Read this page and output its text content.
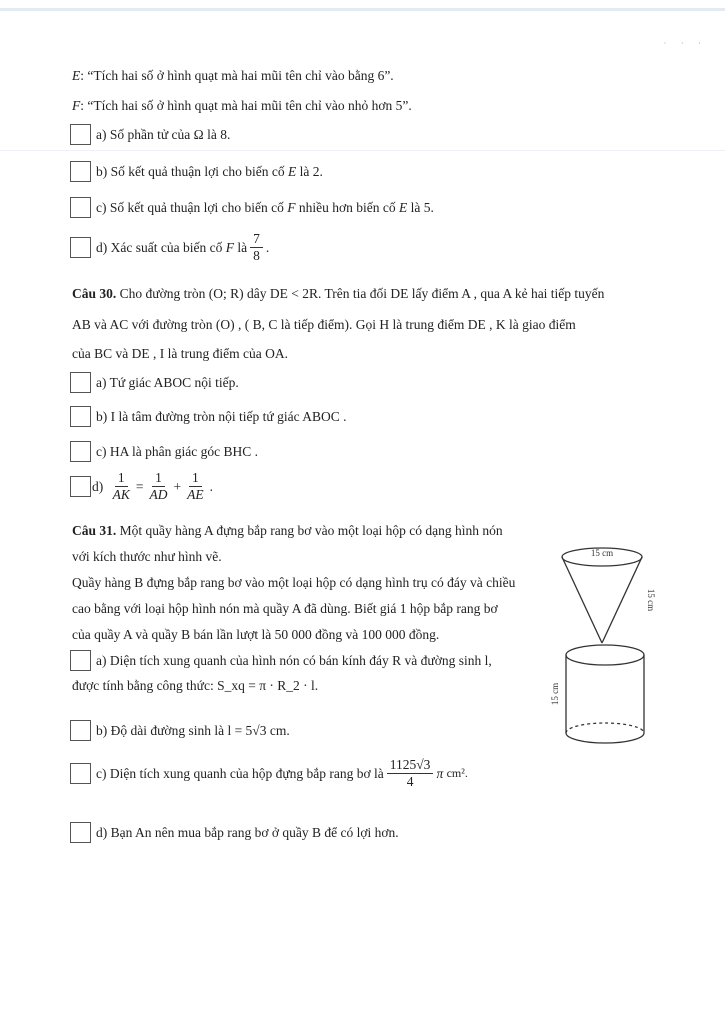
· · ·
E: “Tích hai số ở hình quạt mà hai mũi tên chỉ vào bằng 6”.
F: “Tích hai số ở hình quạt mà hai mũi tên chỉ vào nhỏ hơn 5”.
a) Số phần tử của Ω là 8.
b) Số kết quả thuận lợi cho biến cố
E
là 2.
c) Số kết quả thuận lợi cho biến cố
F
nhiều hơn biến cố
E
là 5.
d) Xác suất của biến cố
F
là $\frac{7}{8}$ .
Câu 30. Cho đường tròn (O; R) dây DE < 2R. Trên tia đối DE lấy điểm A , qua A kẻ hai tiếp tuyến
AB và AC với đường tròn (O) , ( B, C là tiếp điểm). Gọi H là trung điểm DE , K là giao điểm
của BC và DE , I là trung điểm của OA.
a) Tứ giác ABOC nội tiếp.
b) I là tâm đường tròn nội tiếp tứ giác ABOC .
c) HA là phân giác góc BHC .
d)
$\frac{1}{AK} = \frac{1}{AD} + \frac{1}{AE}$ .
Câu 31. Một quầy hàng A đựng bắp rang bơ vào một loại hộp có dạng hình nón
với kích thước như hình vẽ.
Quầy hàng B đựng bắp rang bơ vào một loại hộp có dạng hình trụ có đáy và chiều
cao bằng với loại hộp hình nón mà quầy A đã dùng. Biết giá 1 hộp bắp rang bơ
của quầy A và quầy B bán lần lượt là 50 000 đồng và 100 000 đồng.
a) Diện tích xung quanh của hình nón có bán kính đáy R và đường sinh l,
được tính bằng công thức: S_xq = π · R_2 · l.
b) Độ dài đường sinh là l = 5√3 cm.
c) Diện tích xung quanh của hộp đựng bắp rang bơ là $\frac{1125√3}{4}$ π
cm².
d) Bạn An nên mua bắp rang bơ ở quầy B để có lợi hơn.
15 cm
15 cm
15 cm
